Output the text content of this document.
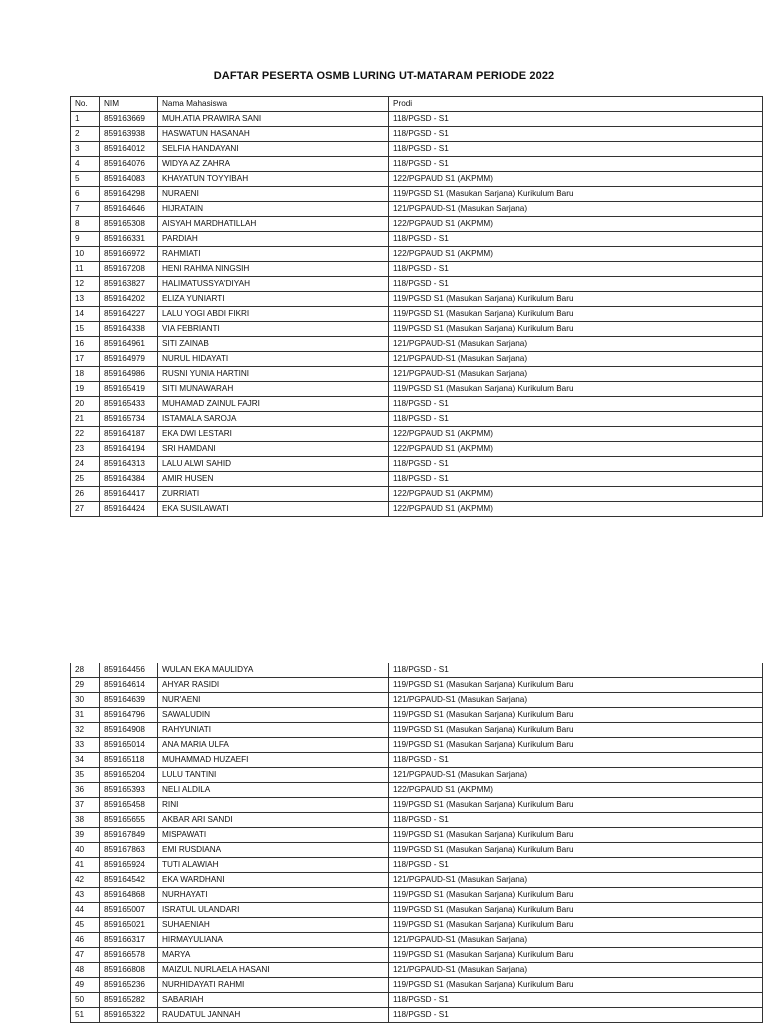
DAFTAR PESERTA OSMB LURING UT-MATARAM PERIODE 2022
No.	NIM	Nama Mahasiswa	Prodi
1	859163669	MUH.ATIA PRAWIRA SANI	118/PGSD - S1
2	859163938	HASWATUN HASANAH	118/PGSD - S1
3	859164012	SELFIA HANDAYANI	118/PGSD - S1
4	859164076	WIDYA AZ ZAHRA	118/PGSD - S1
5	859164083	KHAYATUN TOYYIBAH	122/PGPAUD S1 (AKPMM)
6	859164298	NURAENI	119/PGSD S1 (Masukan Sarjana) Kurikulum Baru
7	859164646	HIJRATAIN	121/PGPAUD-S1 (Masukan Sarjana)
8	859165308	AISYAH MARDHATILLAH	122/PGPAUD S1 (AKPMM)
9	859166331	PARDIAH	118/PGSD - S1
10	859166972	RAHMIATI	122/PGPAUD S1 (AKPMM)
11	859167208	HENI RAHMA NINGSIH	118/PGSD - S1
12	859163827	HALIMATUSSYA'DIYAH	118/PGSD - S1
13	859164202	ELIZA YUNIARTI	119/PGSD S1 (Masukan Sarjana) Kurikulum Baru
14	859164227	LALU YOGI ABDI FIKRI	119/PGSD S1 (Masukan Sarjana) Kurikulum Baru
15	859164338	VIA FEBRIANTI	119/PGSD S1 (Masukan Sarjana) Kurikulum Baru
16	859164961	SITI ZAINAB	121/PGPAUD-S1 (Masukan Sarjana)
17	859164979	NURUL HIDAYATI	121/PGPAUD-S1 (Masukan Sarjana)
18	859164986	RUSNI YUNIA HARTINI	121/PGPAUD-S1 (Masukan Sarjana)
19	859165419	SITI MUNAWARAH	119/PGSD S1 (Masukan Sarjana) Kurikulum Baru
20	859165433	MUHAMAD ZAINUL FAJRI	118/PGSD - S1
21	859165734	ISTAMALA SAROJA	118/PGSD - S1
22	859164187	EKA DWI LESTARI	122/PGPAUD S1 (AKPMM)
23	859164194	SRI HAMDANI	122/PGPAUD S1 (AKPMM)
24	859164313	LALU ALWI SAHID	118/PGSD - S1
25	859164384	AMIR HUSEN	118/PGSD - S1
26	859164417	ZURRIATI	122/PGPAUD S1 (AKPMM)
27	859164424	EKA SUSILAWATI	122/PGPAUD S1 (AKPMM)
28	859164456	WULAN EKA MAULIDYA	118/PGSD - S1
29	859164614	AHYAR RASIDI	119/PGSD S1 (Masukan Sarjana) Kurikulum Baru
30	859164639	NUR'AENI	121/PGPAUD-S1 (Masukan Sarjana)
31	859164796	SAWALUDIN	119/PGSD S1 (Masukan Sarjana) Kurikulum Baru
32	859164908	RAHYUNIATI	119/PGSD S1 (Masukan Sarjana) Kurikulum Baru
33	859165014	ANA MARIA ULFA	119/PGSD S1 (Masukan Sarjana) Kurikulum Baru
34	859165118	MUHAMMAD HUZAEFI	118/PGSD - S1
35	859165204	LULU TANTINI	121/PGPAUD-S1 (Masukan Sarjana)
36	859165393	NELI ALDILA	122/PGPAUD S1 (AKPMM)
37	859165458	RINI	119/PGSD S1 (Masukan Sarjana) Kurikulum Baru
38	859165655	AKBAR ARI SANDI	118/PGSD - S1
39	859167849	MISPAWATI	119/PGSD S1 (Masukan Sarjana) Kurikulum Baru
40	859167863	EMI RUSDIANA	119/PGSD S1 (Masukan Sarjana) Kurikulum Baru
41	859165924	TUTI ALAWIAH	118/PGSD - S1
42	859164542	EKA WARDHANI	121/PGPAUD-S1 (Masukan Sarjana)
43	859164868	NURHAYATI	119/PGSD S1 (Masukan Sarjana) Kurikulum Baru
44	859165007	ISRATUL ULANDARI	119/PGSD S1 (Masukan Sarjana) Kurikulum Baru
45	859165021	SUHAENIAH	119/PGSD S1 (Masukan Sarjana) Kurikulum Baru
46	859166317	HIRMAYULIANA	121/PGPAUD-S1 (Masukan Sarjana)
47	859166578	MARYA	119/PGSD S1 (Masukan Sarjana) Kurikulum Baru
48	859166808	MAIZUL NURLAELA HASANI	121/PGPAUD-S1 (Masukan Sarjana)
49	859165236	NURHIDAYATI RAHMI	119/PGSD S1 (Masukan Sarjana) Kurikulum Baru
50	859165282	SABARIAH	118/PGSD - S1
51	859165322	RAUDATUL JANNAH	118/PGSD - S1
